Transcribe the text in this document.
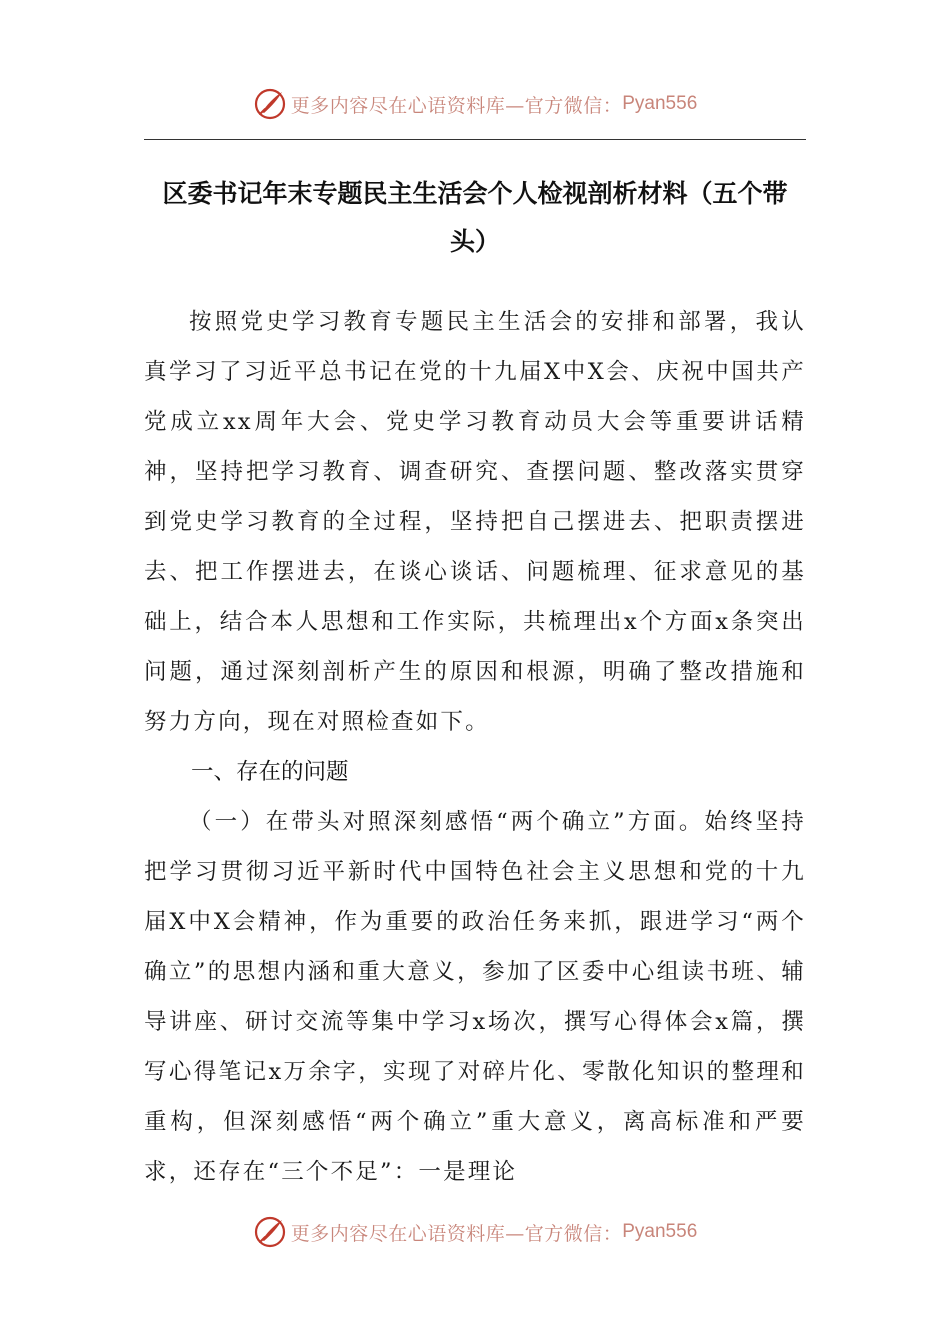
更多内容尽在心语资料库—官方微信： Pyan556
区委书记年末专题民主生活会个人检视剖析材料（五个带头）

按照党史学习教育专题民主生活会的安排和部署，我认真学习了习近平总书记在党的十九届X中X会、庆祝中国共产党成立xx周年大会、党史学习教育动员大会等重要讲话精神，坚持把学习教育、调查研究、查摆问题、整改落实贯穿到党史学习教育的全过程，坚持把自己摆进去、把职责摆进去、把工作摆进去，在谈心谈话、问题梳理、征求意见的基础上，结合本人思想和工作实际，共梳理出x个方面x条突出问题，通过深刻剖析产生的原因和根源，明确了整改措施和努力方向，现在对照检查如下。

一、存在的问题

（一）在带头对照深刻感悟“两个确立”方面。始终坚持把学习贯彻习近平新时代中国特色社会主义思想和党的十九届X中X会精神，作为重要的政治任务来抓，跟进学习“两个确立”的思想内涵和重大意义，参加了区委中心组读书班、辅导讲座、研讨交流等集中学习x场次，撰写心得体会x篇，撰写心得笔记x万余字，实现了对碎片化、零散化知识的整理和重构，但深刻感悟“两个确立”重大意义，离高标准和严要求，还存在“三个不足”：一是理论

更多内容尽在心语资料库—官方微信： Pyan556
